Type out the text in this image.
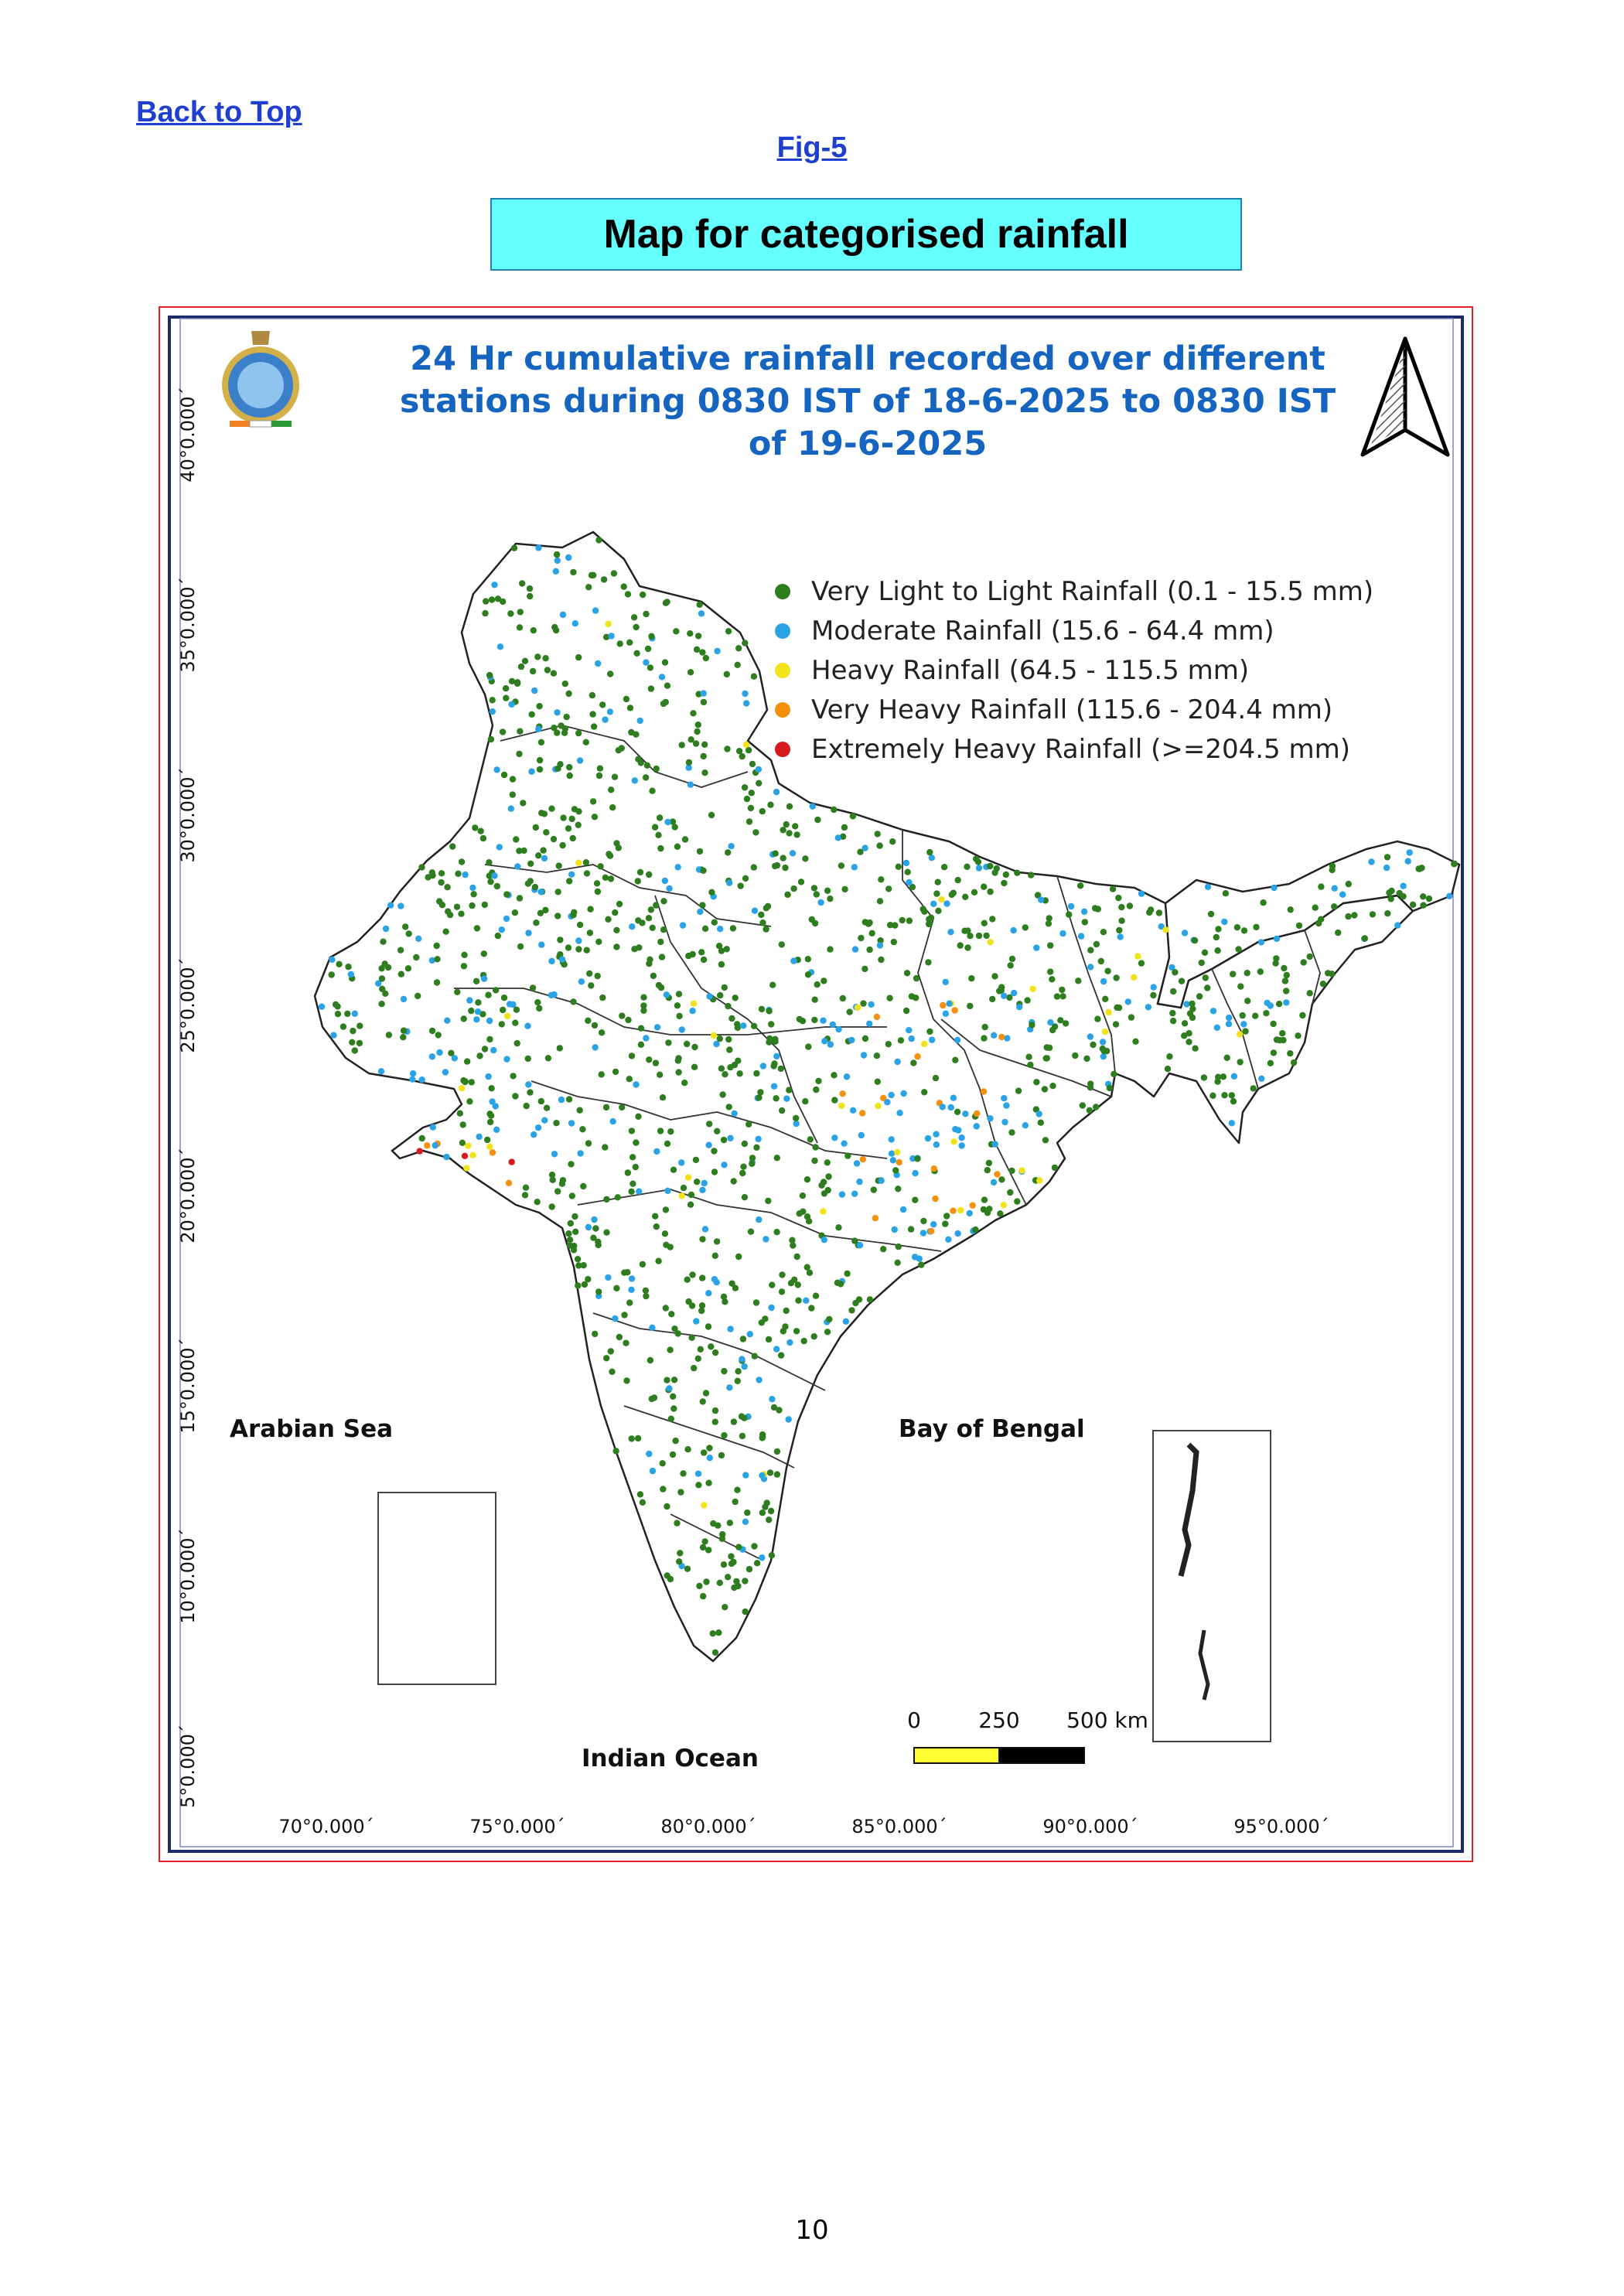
Back to Top
Fig-5
Map for categorised rainfall
24 Hr cumulative rainfall recorded over different
stations during 0830 IST of 18-6-2025 to 0830 IST
of 19-6-2025
Very Light to Light Rainfall (0.1 - 15.5 mm)
Moderate Rainfall (15.6 - 64.4 mm)
Heavy Rainfall (64.5 - 115.5 mm)
Very Heavy Rainfall (115.6 - 204.4 mm)
Extremely Heavy Rainfall (>=204.5 mm)
Arabian Sea	Bay of Bengal
Indian Ocean
0	250 500 km
70°0.000´	75°0.000´	80°0.000´	85°0.000´	90°0.000´	95°0.000´
40°0.000´
35°0.000´
30°0.000´
25°0.000´
20°0.000´
15°0.000´
10°0.000´
5°0.000´
10
